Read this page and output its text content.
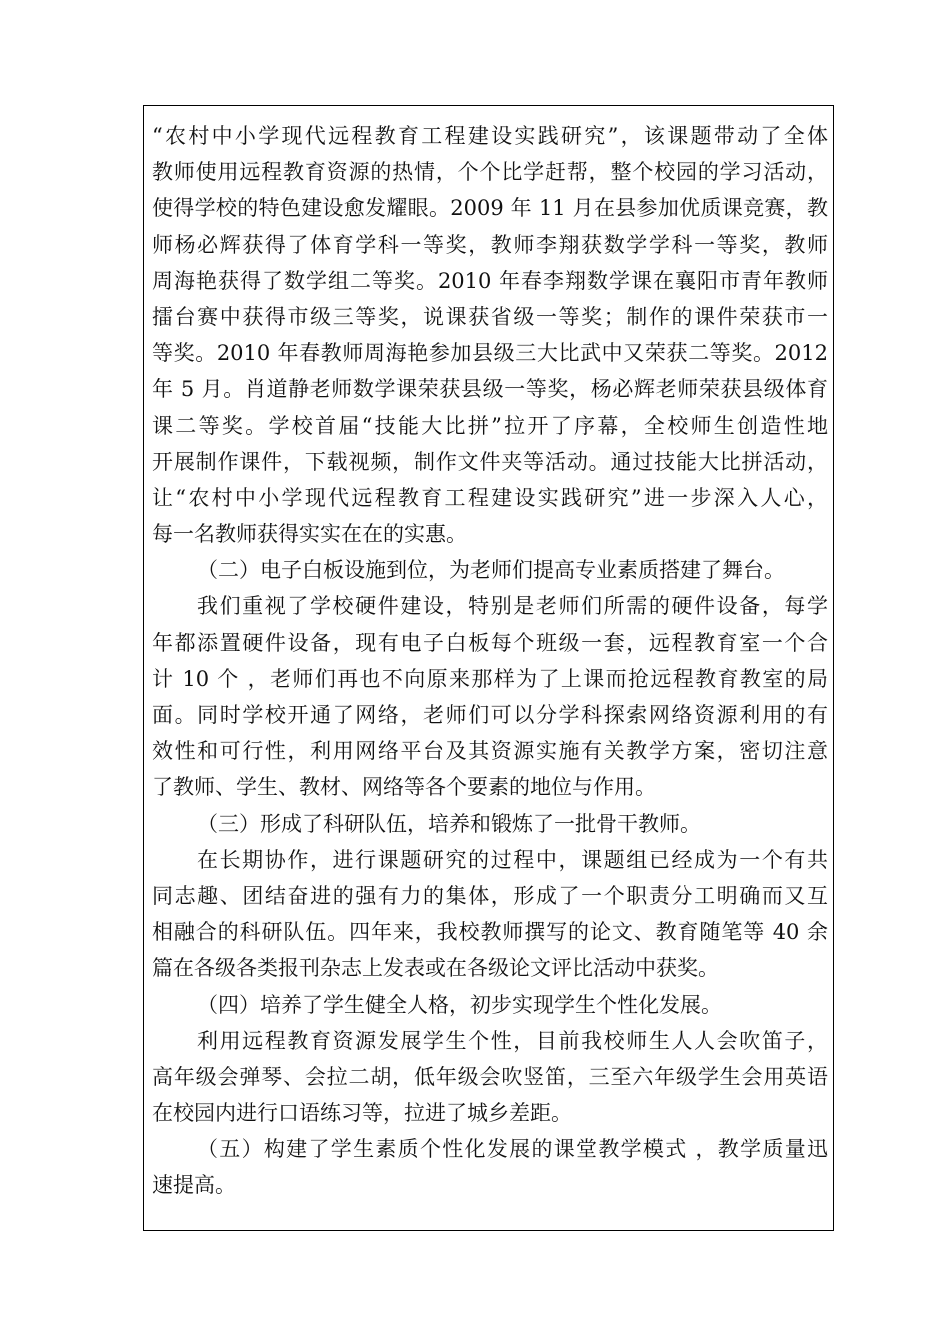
“农村中小学现代远程教育工程建设实践研究”，该课题带动了全体
教师使用远程教育资源的热情，个个比学赶帮，整个校园的学习活动，
使得学校的特色建设愈发耀眼。2009 年 11 月在县参加优质课竞赛，教
师杨必辉获得了体育学科一等奖，教师李翔获数学学科一等奖，教师
周海艳获得了数学组二等奖。2010 年春李翔数学课在襄阳市青年教师
擂台赛中获得市级三等奖，说课获省级一等奖；制作的课件荣获市一
等奖。2010 年春教师周海艳参加县级三大比武中又荣获二等奖。2012
年 5 月。肖道静老师数学课荣获县级一等奖，杨必辉老师荣获县级体育
课二等奖。学校首届“技能大比拼”拉开了序幕，全校师生创造性地
开展制作课件，下载视频，制作文件夹等活动。通过技能大比拼活动，
让“农村中小学现代远程教育工程建设实践研究”进一步深入人心，
每一名教师获得实实在在的实惠。
（二）电子白板设施到位，为老师们提高专业素质搭建了舞台。
我们重视了学校硬件建设，特别是老师们所需的硬件设备，每学
年都添置硬件设备，现有电子白板每个班级一套，远程教育室一个合
计 10 个 ，老师们再也不向原来那样为了上课而抢远程教育教室的局
面。同时学校开通了网络，老师们可以分学科探索网络资源利用的有
效性和可行性，利用网络平台及其资源实施有关教学方案，密切注意
了教师、学生、教材、网络等各个要素的地位与作用。
（三）形成了科研队伍，培养和锻炼了一批骨干教师。
在长期协作，进行课题研究的过程中，课题组已经成为一个有共
同志趣、团结奋进的强有力的集体，形成了一个职责分工明确而又互
相融合的科研队伍。四年来，我校教师撰写的论文、教育随笔等 40 余
篇在各级各类报刊杂志上发表或在各级论文评比活动中获奖。
（四）培养了学生健全人格，初步实现学生个性化发展。
利用远程教育资源发展学生个性，目前我校师生人人会吹笛子，
高年级会弹琴、会拉二胡，低年级会吹竖笛，三至六年级学生会用英语
在校园内进行口语练习等，拉进了城乡差距。
（五）构建了学生素质个性化发展的课堂教学模式 ，教学质量迅
速提高。
